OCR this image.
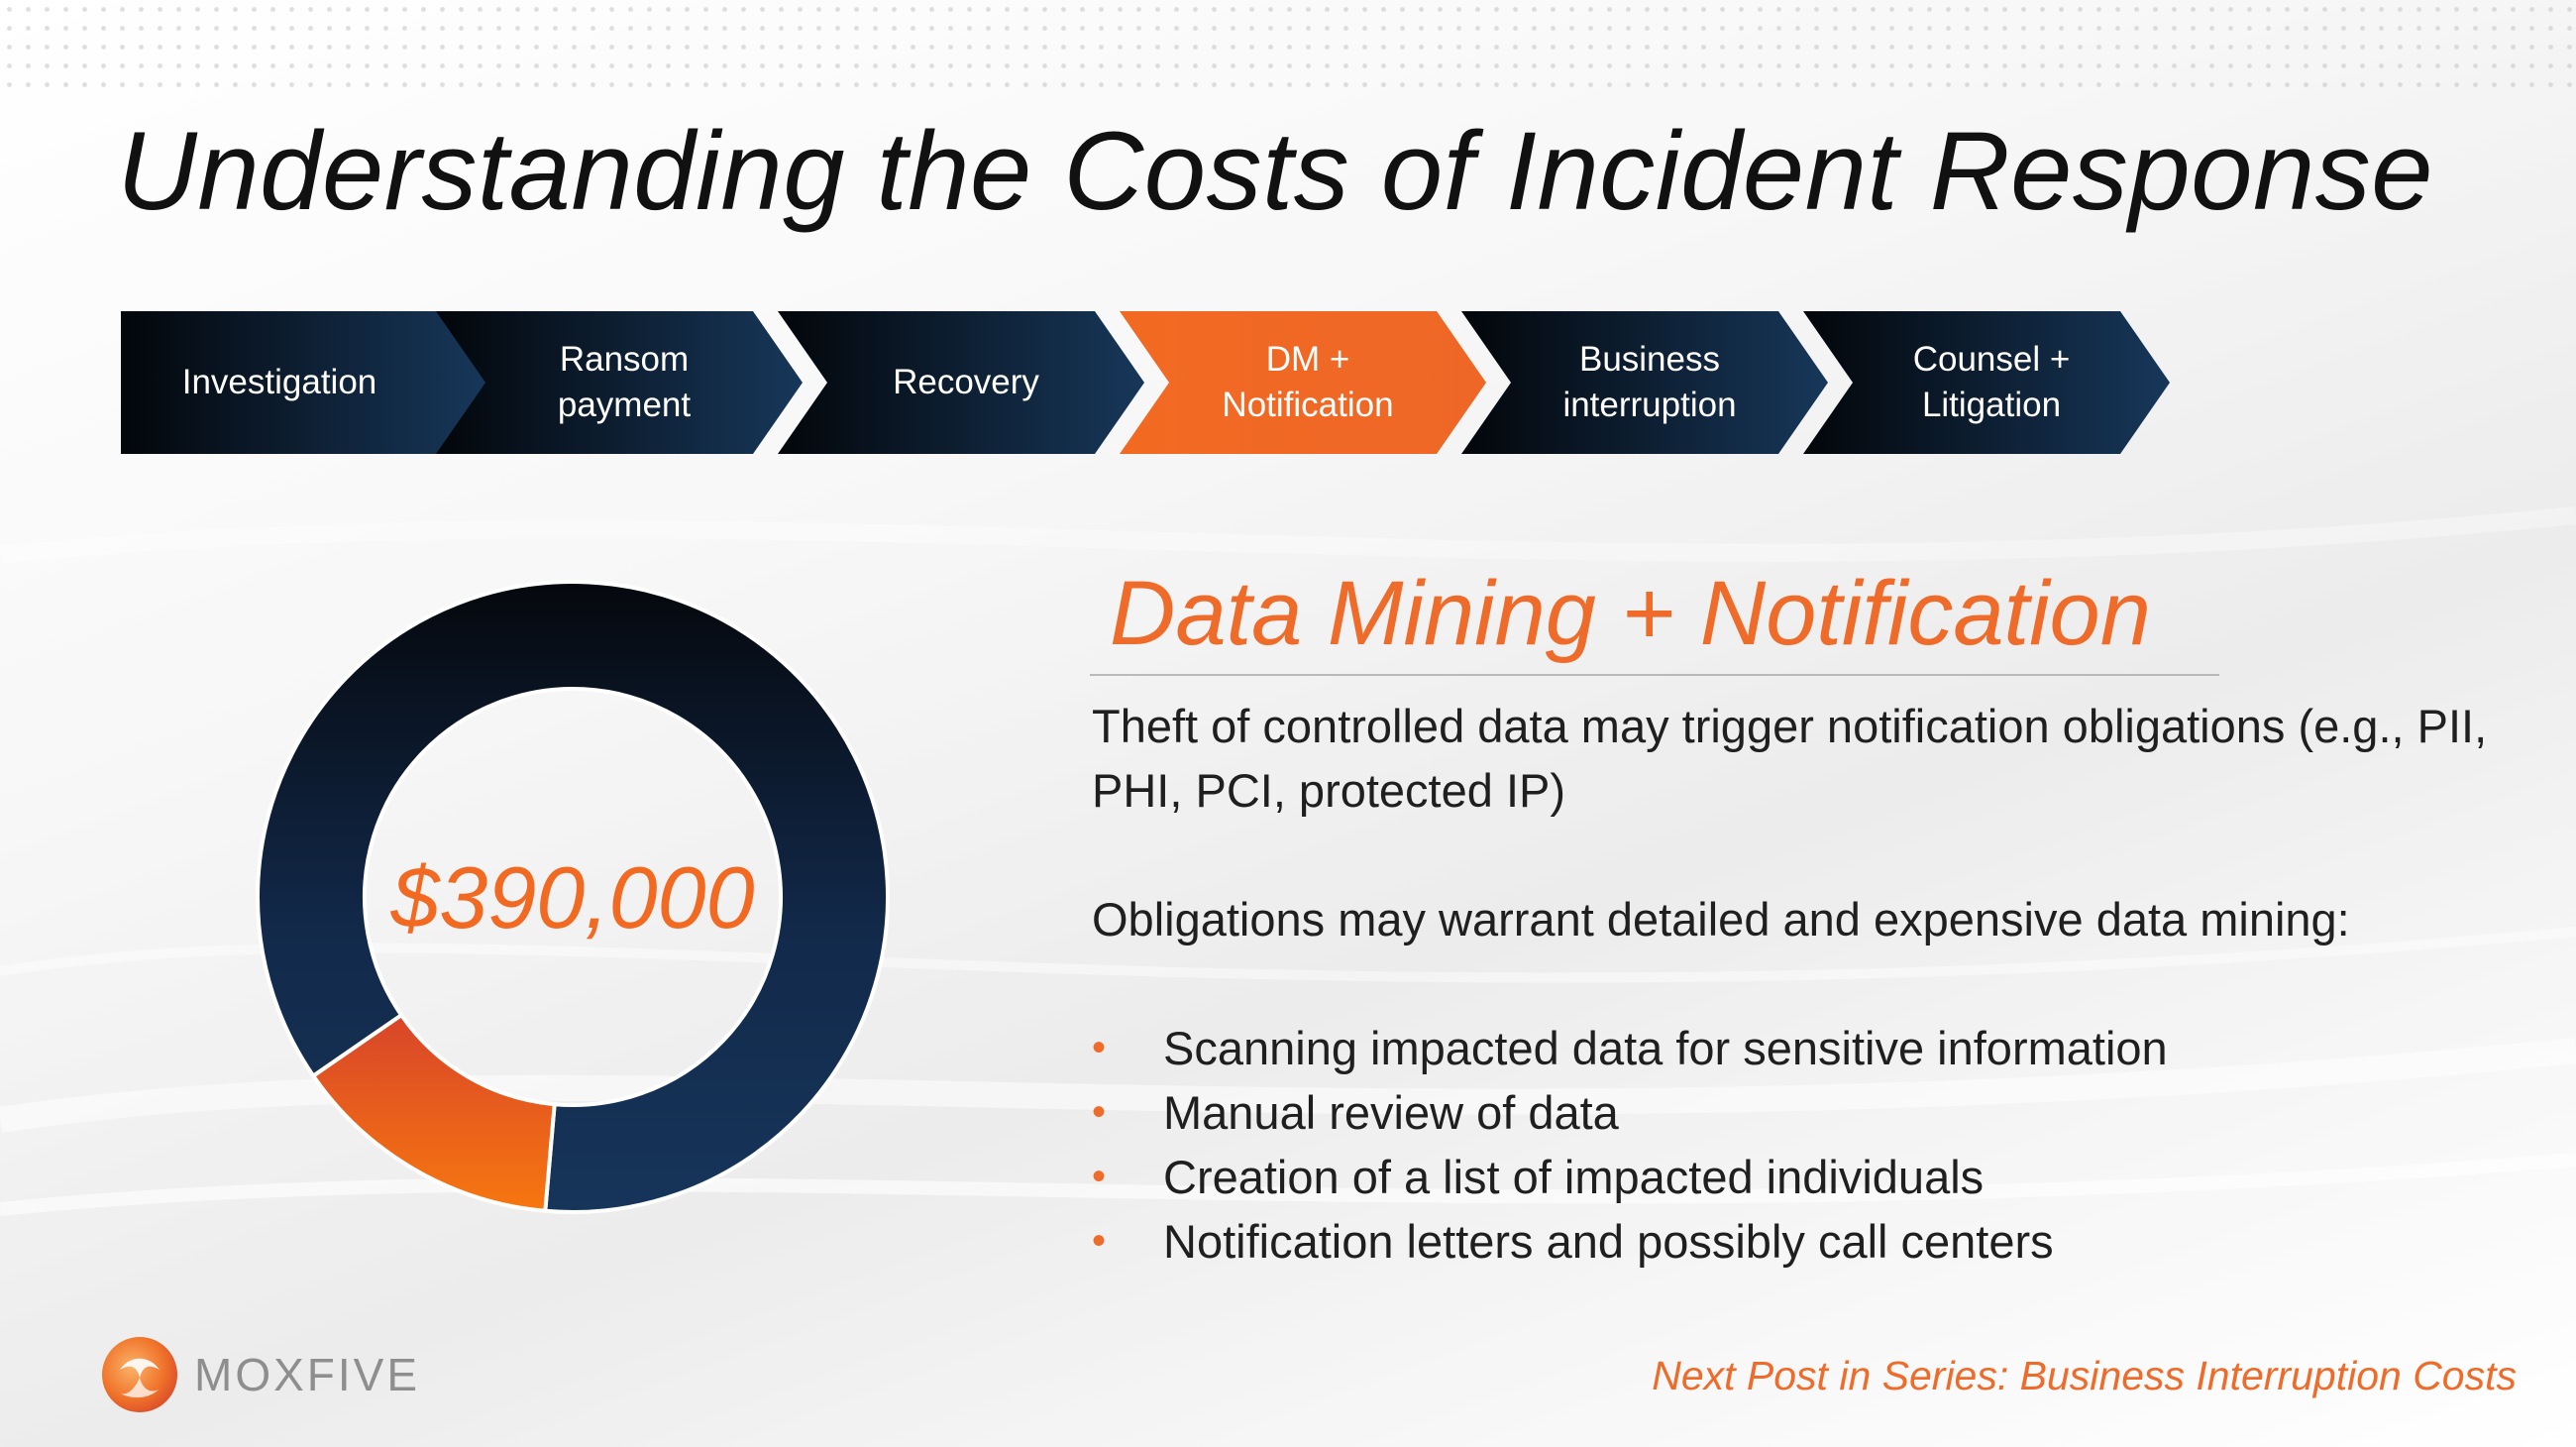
Understanding the Costs of Incident Response
Investigation
Ransom
payment
Recovery
DM +
Notification
Business
interruption
Counsel +
Litigation
$390,000
Data Mining + Notification

Theft of controlled data may trigger notification obligations (e.g., PII, PHI, PCI, protected IP)

Obligations may warrant detailed and expensive data mining:

• Scanning impacted data for sensitive information
• Manual review of data
• Creation of a list of impacted individuals
• Notification letters and possibly call centers
MOXFIVE	Next Post in Series: Business Interruption Costs
